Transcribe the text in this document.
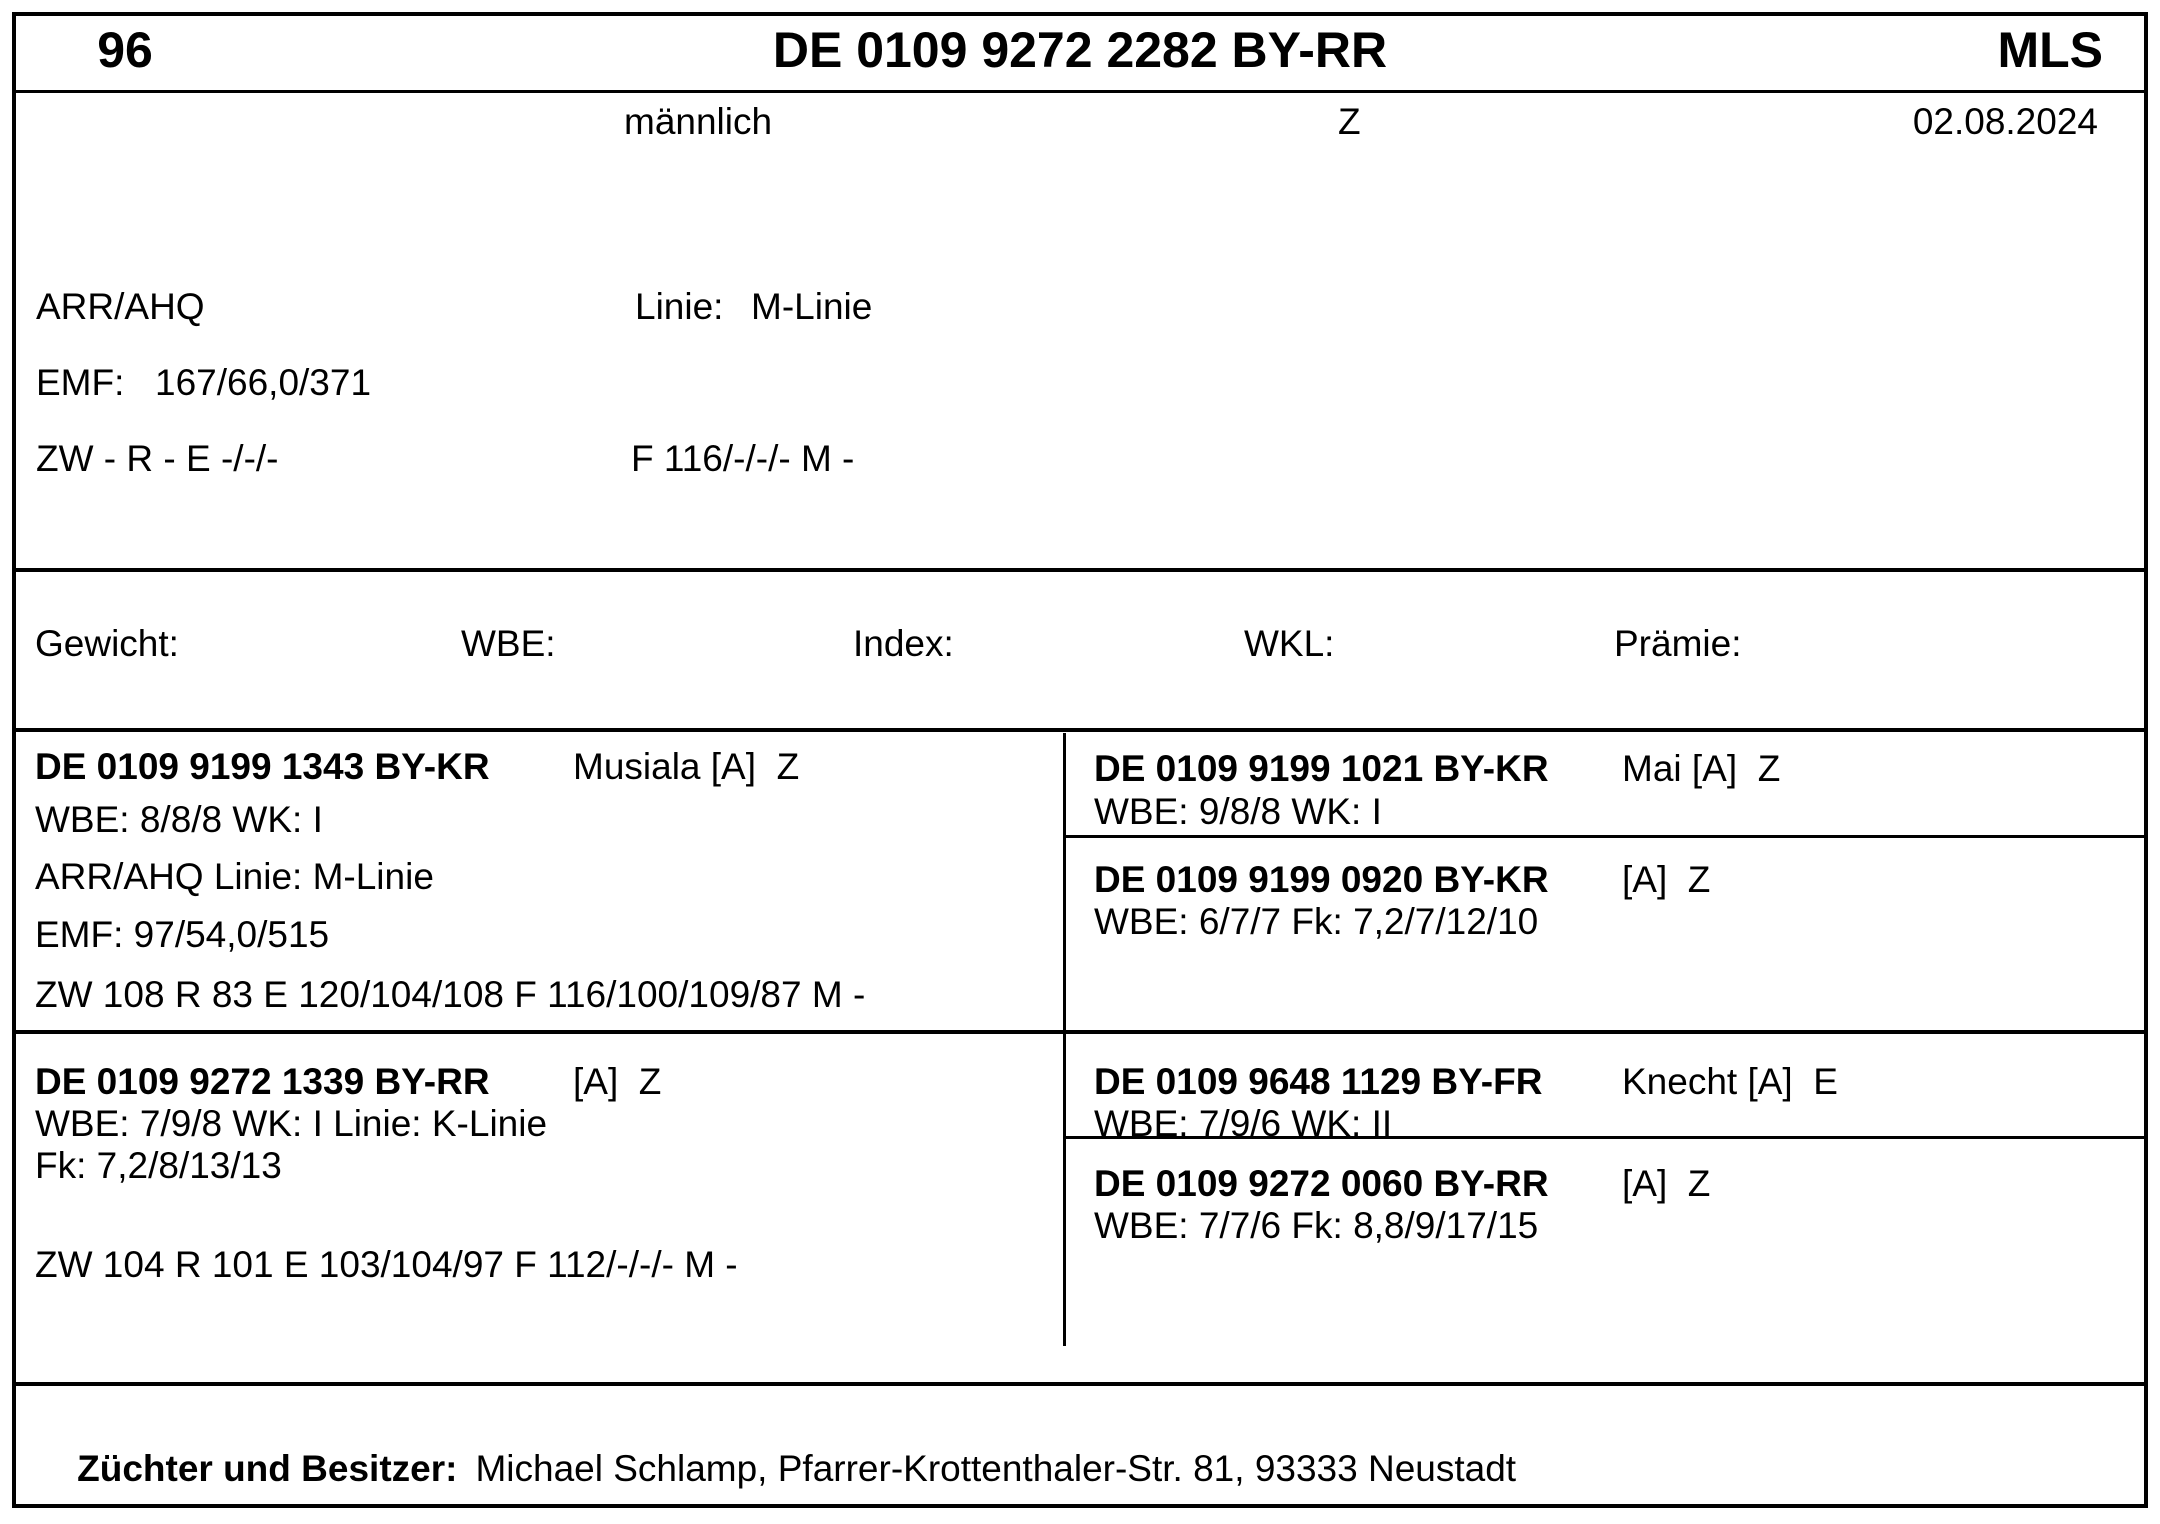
96	DE 0109 9272 2282 BY-RR	MLS
männlich	Z	02.08.2024
ARR/AHQ	Linie: M-Linie
EMF: 167/66,0/371
ZW - R - E -/-/-	F 116/-/-/- M -
Gewicht:	WBE:	Index:	WKL:	Prämie:
DE 0109 9199 1343 BY-KR Musiala [A]  Z
WBE: 8/8/8 WK: I
ARR/AHQ Linie: M-Linie
EMF: 97/54,0/515
ZW 108 R 83 E 120/104/108 F 116/100/109/87 M -
DE 0109 9199 1021 BY-KR Mai [A]  Z
WBE: 9/8/8 WK: I
DE 0109 9199 0920 BY-KR [A]  Z
WBE: 6/7/7 Fk: 7,2/7/12/10
DE 0109 9272 1339 BY-RR [A]  Z
WBE: 7/9/8 WK: I Linie: K-Linie
Fk: 7,2/8/13/13
ZW 104 R 101 E 103/104/97 F 112/-/-/- M -
DE 0109 9648 1129 BY-FR Knecht [A]  E
WBE: 7/9/6 WK: II
DE 0109 9272 0060 BY-RR [A]  Z
WBE: 7/7/6 Fk: 8,8/9/17/15

Züchter und Besitzer: Michael Schlamp, Pfarrer-Krottenthaler-Str. 81, 93333 Neustadt
